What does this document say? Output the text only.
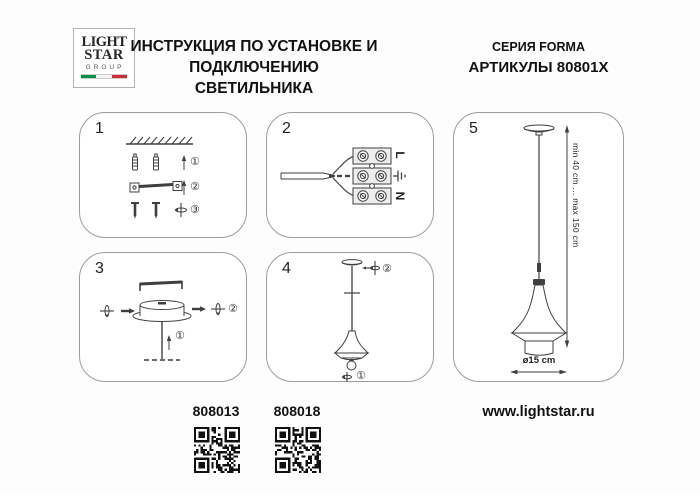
LIGHT
STAR
GROUP
ИНСТРУКЦИЯ ПО УСТАНОВКЕ И
ПОДКЛЮЧЕНИЮ СВЕТИЛЬНИКА
СЕРИЯ FORMA
АРТИКУЛЫ 80801X
1
①
②
③
2
L
N
5
min 40 cm ... max 150 cm
ø15 cm
3
①
②
4	②
①
808013	808018	www.lightstar.ru
